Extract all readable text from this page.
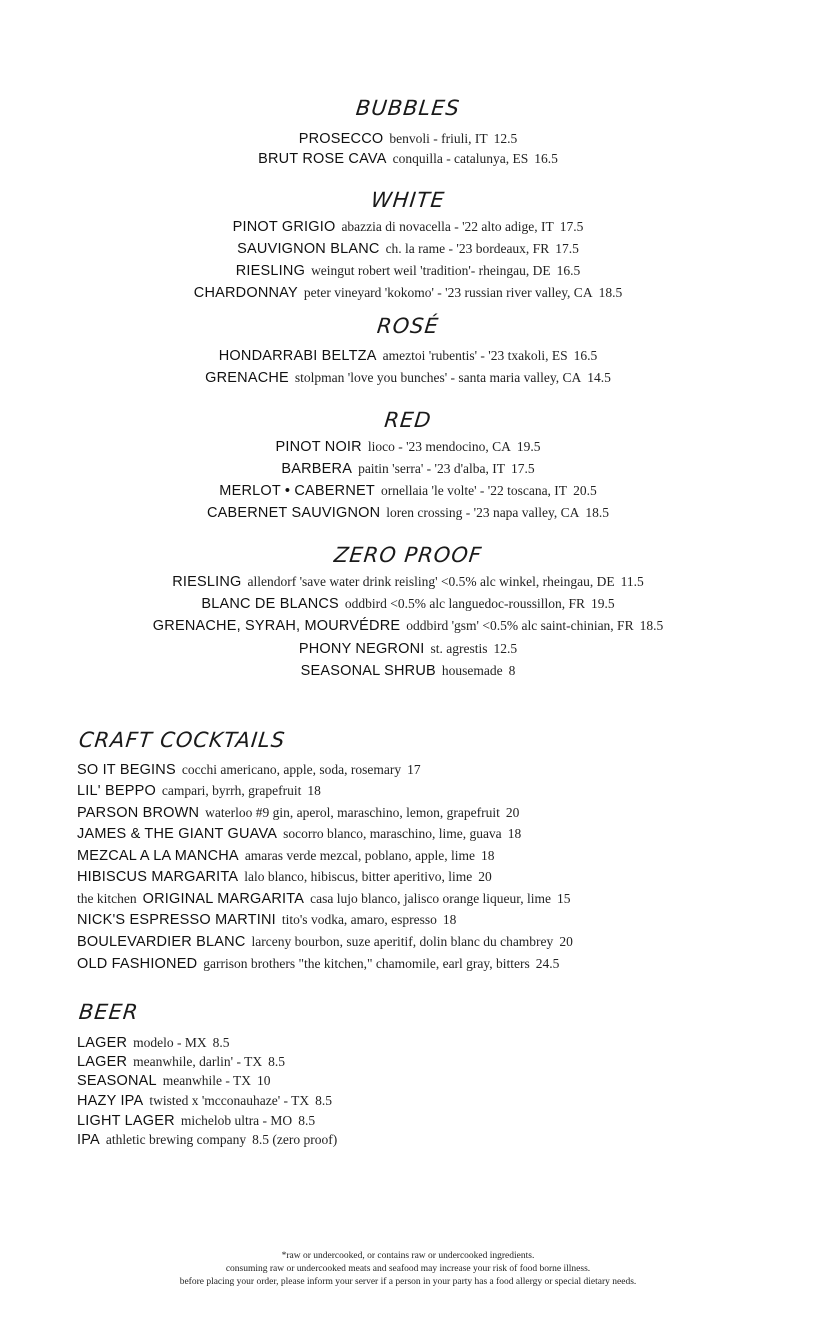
BUBBLES
PROSECCO benvoli - friuli, IT 12.5
BRUT ROSE CAVA conquilla - catalunya, ES 16.5
WHITE
PINOT GRIGIO abazzia di novacella - '22 alto adige, IT 17.5
SAUVIGNON BLANC ch. la rame - '23 bordeaux, FR 17.5
RIESLING weingut robert weil 'tradition'- rheingau, DE 16.5
CHARDONNAY peter vineyard 'kokomo' - '23 russian river valley, CA 18.5
ROSÉ
HONDARRABI BELTZA ameztoi 'rubentis' - '23 txakoli, ES 16.5
GRENACHE stolpman 'love you bunches' - santa maria valley, CA 14.5
RED
PINOT NOIR lioco - '23 mendocino, CA 19.5
BARBERA paitin 'serra' - '23 d'alba, IT 17.5
MERLOT • CABERNET ornellaia 'le volte' - '22 toscana, IT 20.5
CABERNET SAUVIGNON loren crossing - '23 napa valley, CA 18.5
ZERO PROOF
RIESLING allendorf 'save water drink reisling' <0.5% alc winkel, rheingau, DE 11.5
BLANC DE BLANCS oddbird <0.5% alc languedoc-roussillon, FR 19.5
GRENACHE, SYRAH, MOURVÉDRE oddbird 'gsm' <0.5% alc saint-chinian, FR 18.5
PHONY NEGRONI st. agrestis 12.5
SEASONAL SHRUB housemade 8
CRAFT COCKTAILS
SO IT BEGINS cocchi americano, apple, soda, rosemary 17
LIL' BEPPO campari, byrrh, grapefruit 18
PARSON BROWN waterloo #9 gin, aperol, maraschino, lemon, grapefruit 20
JAMES & THE GIANT GUAVA socorro blanco, maraschino, lime, guava 18
MEZCAL A LA MANCHA amaras verde mezcal, poblano, apple, lime 18
HIBISCUS MARGARITA lalo blanco, hibiscus, bitter aperitivo, lime 20
the kitchen ORIGINAL MARGARITA casa lujo blanco, jalisco orange liqueur, lime 15
NICK'S ESPRESSO MARTINI tito's vodka, amaro, espresso 18
BOULEVARDIER BLANC larceny bourbon, suze aperitif, dolin blanc du chambrey 20
OLD FASHIONED garrison brothers "the kitchen," chamomile, earl gray, bitters 24.5
BEER
LAGER modelo - MX 8.5
LAGER meanwhile, darlin' - TX 8.5
SEASONAL meanwhile - TX 10
HAZY IPA twisted x 'mcconauhaze' - TX 8.5
LIGHT LAGER michelob ultra - MO 8.5
IPA athletic brewing company 8.5 (zero proof)
*raw or undercooked, or contains raw or undercooked ingredients.
consuming raw or undercooked meats and seafood may increase your risk of food borne illness.
before placing your order, please inform your server if a person in your party has a food allergy or special dietary needs.
